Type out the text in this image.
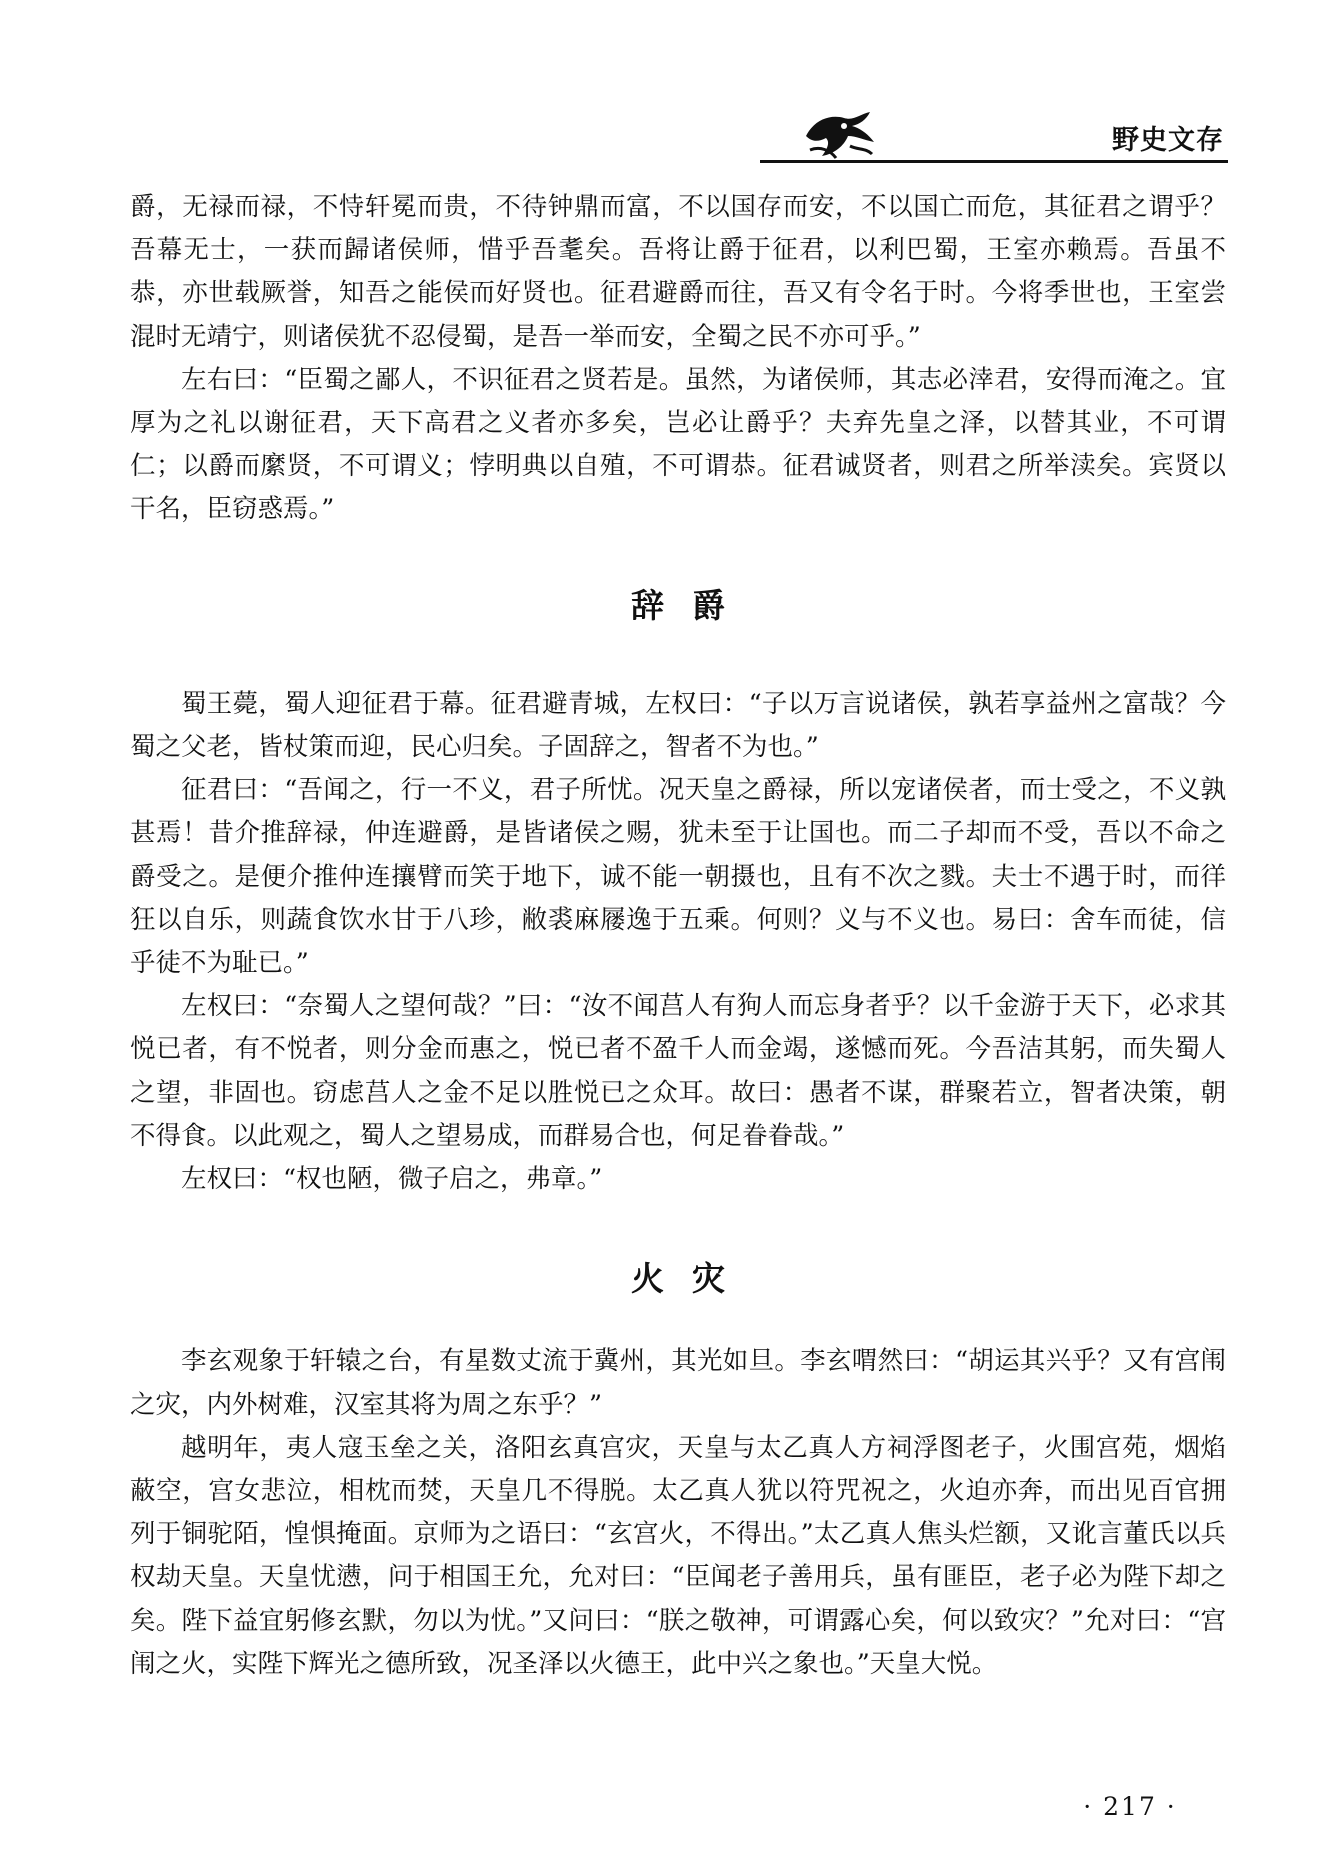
野史文存

爵，无禄而禄，不恃轩冕而贵，不待钟鼎而富，不以国存而安，不以国亡而危，其征君之谓乎？吾幕无士，一获而歸诸侯师，惜乎吾耄矣。吾将让爵于征君，以利巴蜀，王室亦赖焉。吾虽不恭，亦世载厥誉，知吾之能侯而好贤也。征君避爵而往，吾又有令名于时。今将季世也，王室尝混时无靖宁，则诸侯犹不忍侵蜀，是吾一举而安，全蜀之民不亦可乎。”

左右曰：“臣蜀之鄙人，不识征君之贤若是。虽然，为诸侯师，其志必涬君，安得而淹之。宜厚为之礼以谢征君，天下高君之义者亦多矣，岂必让爵乎？夫弃先皇之泽，以替其业，不可谓仁；以爵而縻贤，不可谓义；悖明典以自殖，不可谓恭。征君诚贤者，则君之所举渎矣。宾贤以干名，臣窃惑焉。”

辞爵

蜀王薨，蜀人迎征君于幕。征君避青城，左权曰：“子以万言说诸侯，孰若享益州之富哉？今蜀之父老，皆杖策而迎，民心归矣。子固辞之，智者不为也。”

征君曰：“吾闻之，行一不义，君子所忧。况天皇之爵禄，所以宠诸侯者，而士受之，不义孰甚焉！昔介推辞禄，仲连避爵，是皆诸侯之赐，犹未至于让国也。而二子却而不受，吾以不命之爵受之。是便介推仲连攘臂而笑于地下，诚不能一朝摄也，且有不次之戮。夫士不遇于时，而徉狂以自乐，则蔬食饮水甘于八珍，敝裘麻屦逸于五乘。何则？义与不义也。易曰：舍车而徒，信乎徒不为耻已。”

左权曰：“奈蜀人之望何哉？”曰：“汝不闻莒人有狗人而忘身者乎？以千金游于天下，必求其悦已者，有不悦者，则分金而惠之，悦已者不盈千人而金竭，遂憾而死。今吾洁其躬，而失蜀人之望，非固也。窃虑莒人之金不足以胜悦已之众耳。故曰：愚者不谋，群聚若立，智者决策，朝不得食。以此观之，蜀人之望易成，而群易合也，何足眷眷哉。”

左权曰：“权也陋，微子启之，弗章。”

火灾

李玄观象于轩辕之台，有星数丈流于冀州，其光如旦。李玄喟然曰：“胡运其兴乎？又有宫闱之灾，内外树难，汉室其将为周之东乎？”

越明年，夷人寇玉垒之关，洛阳玄真宫灾，天皇与太乙真人方祠浮图老子，火围宫苑，烟焰蔽空，宫女悲泣，相枕而焚，天皇几不得脱。太乙真人犹以符咒祝之，火迫亦奔，而出见百官拥列于铜驼陌，惶惧掩面。京师为之语曰：“玄宫火，不得出。”太乙真人焦头烂额，又讹言董氏以兵权劫天皇。天皇忧懑，问于相国王允，允对曰：“臣闻老子善用兵，虽有匪臣，老子必为陛下却之矣。陛下益宜躬修玄默，勿以为忧。”又问曰：“朕之敬神，可谓露心矣，何以致灾？”允对曰：“宫闱之火，实陛下辉光之德所致，况圣泽以火德王，此中兴之象也。”天皇大悦。

· 217 ·
